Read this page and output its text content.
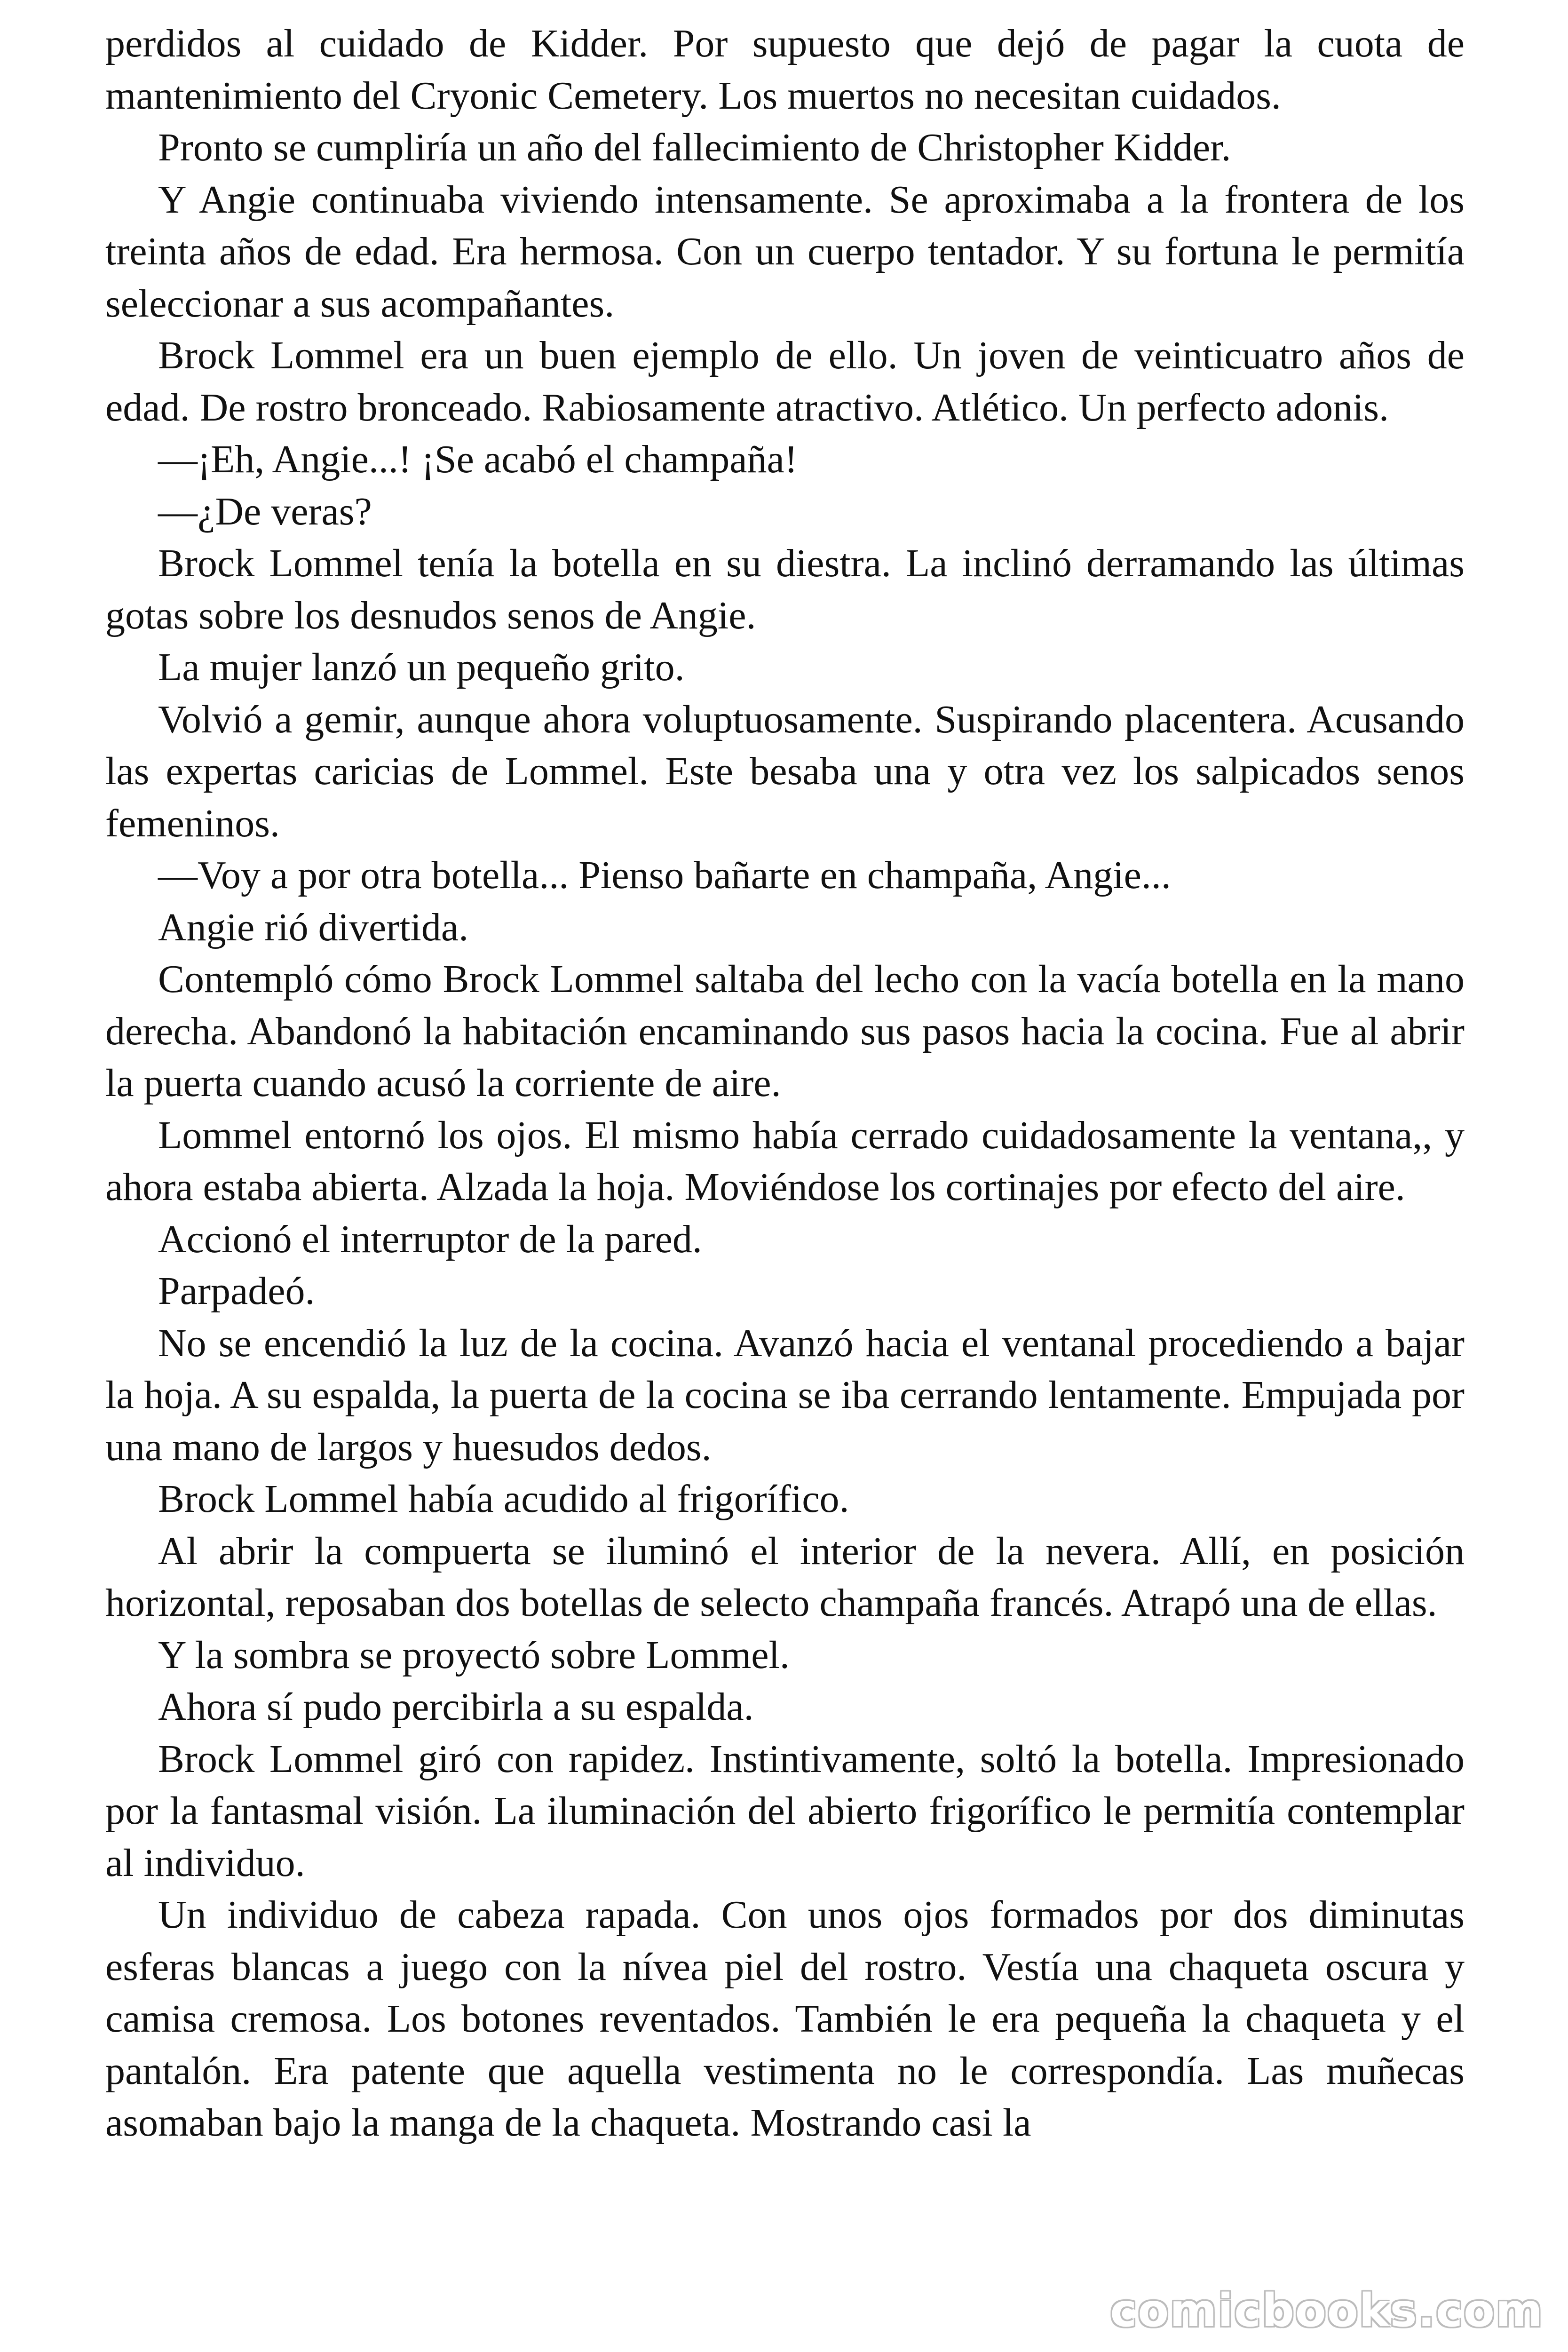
perdidos al cuidado de Kidder. Por supuesto que dejó de pagar la cuota de mantenimiento del Cryonic Cemetery. Los muertos no necesitan cuidados.

Pronto se cumpliría un año del fallecimiento de Christopher Kidder.

Y Angie continuaba viviendo intensamente. Se aproximaba a la frontera de los treinta años de edad. Era hermosa. Con un cuerpo tentador. Y su fortuna le permitía seleccionar a sus acompañantes.

Brock Lommel era un buen ejemplo de ello. Un joven de veinticuatro años de edad. De rostro bronceado. Rabiosamente atractivo. Atlético. Un perfecto adonis.

—¡Eh, Angie...! ¡Se acabó el champaña!

—¿De veras?

Brock Lommel tenía la botella en su diestra. La inclinó derramando las últimas gotas sobre los desnudos senos de Angie.

La mujer lanzó un pequeño grito.

Volvió a gemir, aunque ahora voluptuosamente. Suspirando placentera. Acusando las expertas caricias de Lommel. Este besaba una y otra vez los salpicados senos femeninos.

—Voy a por otra botella... Pienso bañarte en champaña, Angie...

Angie rió divertida.

Contempló cómo Brock Lommel saltaba del lecho con la vacía botella en la mano derecha. Abandonó la habitación encaminando sus pasos hacia la cocina. Fue al abrir la puerta cuando acusó la corriente de aire.

Lommel entornó los ojos. El mismo había cerrado cuidadosamente la ventana,, y ahora estaba abierta. Alzada la hoja. Moviéndose los cortinajes por efecto del aire.

Accionó el interruptor de la pared.

Parpadeó.

No se encendió la luz de la cocina. Avanzó hacia el ventanal procediendo a bajar la hoja. A su espalda, la puerta de la cocina se iba cerrando lentamente. Empujada por una mano de largos y huesudos dedos.

Brock Lommel había acudido al frigorífico.

Al abrir la compuerta se iluminó el interior de la nevera. Allí, en posición horizontal, reposaban dos botellas de selecto champaña francés. Atrapó una de ellas.

Y la sombra se proyectó sobre Lommel.

Ahora sí pudo percibirla a su espalda.

Brock Lommel giró con rapidez. Instintivamente, soltó la botella. Impresionado por la fantasmal visión. La iluminación del abierto frigorífico le permitía contemplar al individuo.

Un individuo de cabeza rapada. Con unos ojos formados por dos diminutas esferas blancas a juego con la nívea piel del rostro. Vestía una chaqueta oscura y camisa cremosa. Los botones reventados. También le era pequeña la chaqueta y el pantalón. Era patente que aquella vestimenta no le correspondía. Las muñecas asomaban bajo la manga de la chaqueta. Mostrando casi la

comicbooks.com
